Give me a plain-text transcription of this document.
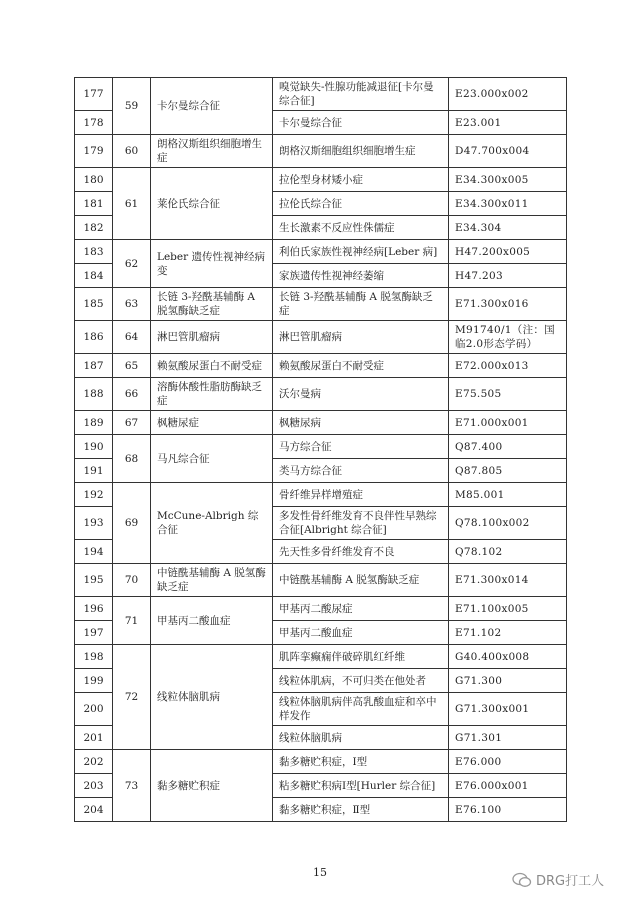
177	59	卡尔曼综合征	嗅觉缺失-性腺功能减退征[卡尔曼综合征]	E23.000x002
178			卡尔曼综合征	E23.001
179	60	朗格汉斯组织细胞增生症	朗格汉斯细胞组织细胞增生症	D47.700x004
180	61	莱伦氏综合征	拉伦型身材矮小症	E34.300x005
181			拉伦氏综合征	E34.300x011
182			生长激素不反应性侏儒症	E34.304
183	62	Leber 遗传性视神经病变	利伯氏家族性视神经病[Leber 病]	H47.200x005
184			家族遗传性视神经萎缩	H47.203
185	63	长链 3-羟酰基辅酶 A 脱氢酶缺乏症	长链 3-羟酰基辅酶 A 脱氢酶缺乏症	E71.300x016
186	64	淋巴管肌瘤病	淋巴管肌瘤病	M91740/1（注：国临2.0形态学码）
187	65	赖氨酸尿蛋白不耐受症	赖氨酸尿蛋白不耐受症	E72.000x013
188	66	溶酶体酸性脂肪酶缺乏症	沃尔曼病	E75.505
189	67	枫糖尿症	枫糖尿病	E71.000x001
190	68	马凡综合征	马方综合征	Q87.400
191			类马方综合征	Q87.805
192	69	McCune-Albrigh 综合征	骨纤维异样增殖症	M85.001
193			多发性骨纤维发育不良伴性早熟综合征[Albright 综合征]	Q78.100x002
194			先天性多骨纤维发育不良	Q78.102
195	70	中链酰基辅酶 A 脱氢酶缺乏症	中链酰基辅酶 A 脱氢酶缺乏症	E71.300x014
196	71	甲基丙二酸血症	甲基丙二酸尿症	E71.100x005
197			甲基丙二酸血症	E71.102
198	72	线粒体脑肌病	肌阵挛癫痫伴破碎肌红纤维	G40.400x008
199			线粒体肌病，不可归类在他处者	G71.300
200			线粒体脑肌病伴高乳酸血症和卒中样发作	G71.300x001
201			线粒体脑肌病	G71.301
202	73	黏多糖贮积症	黏多糖贮积症，Ⅰ型	E76.000
203			粘多糖贮积病Ⅰ型[Hurler 综合征]	E76.000x001
204			黏多糖贮积症，Ⅱ型	E76.100
15
DRG打工人
